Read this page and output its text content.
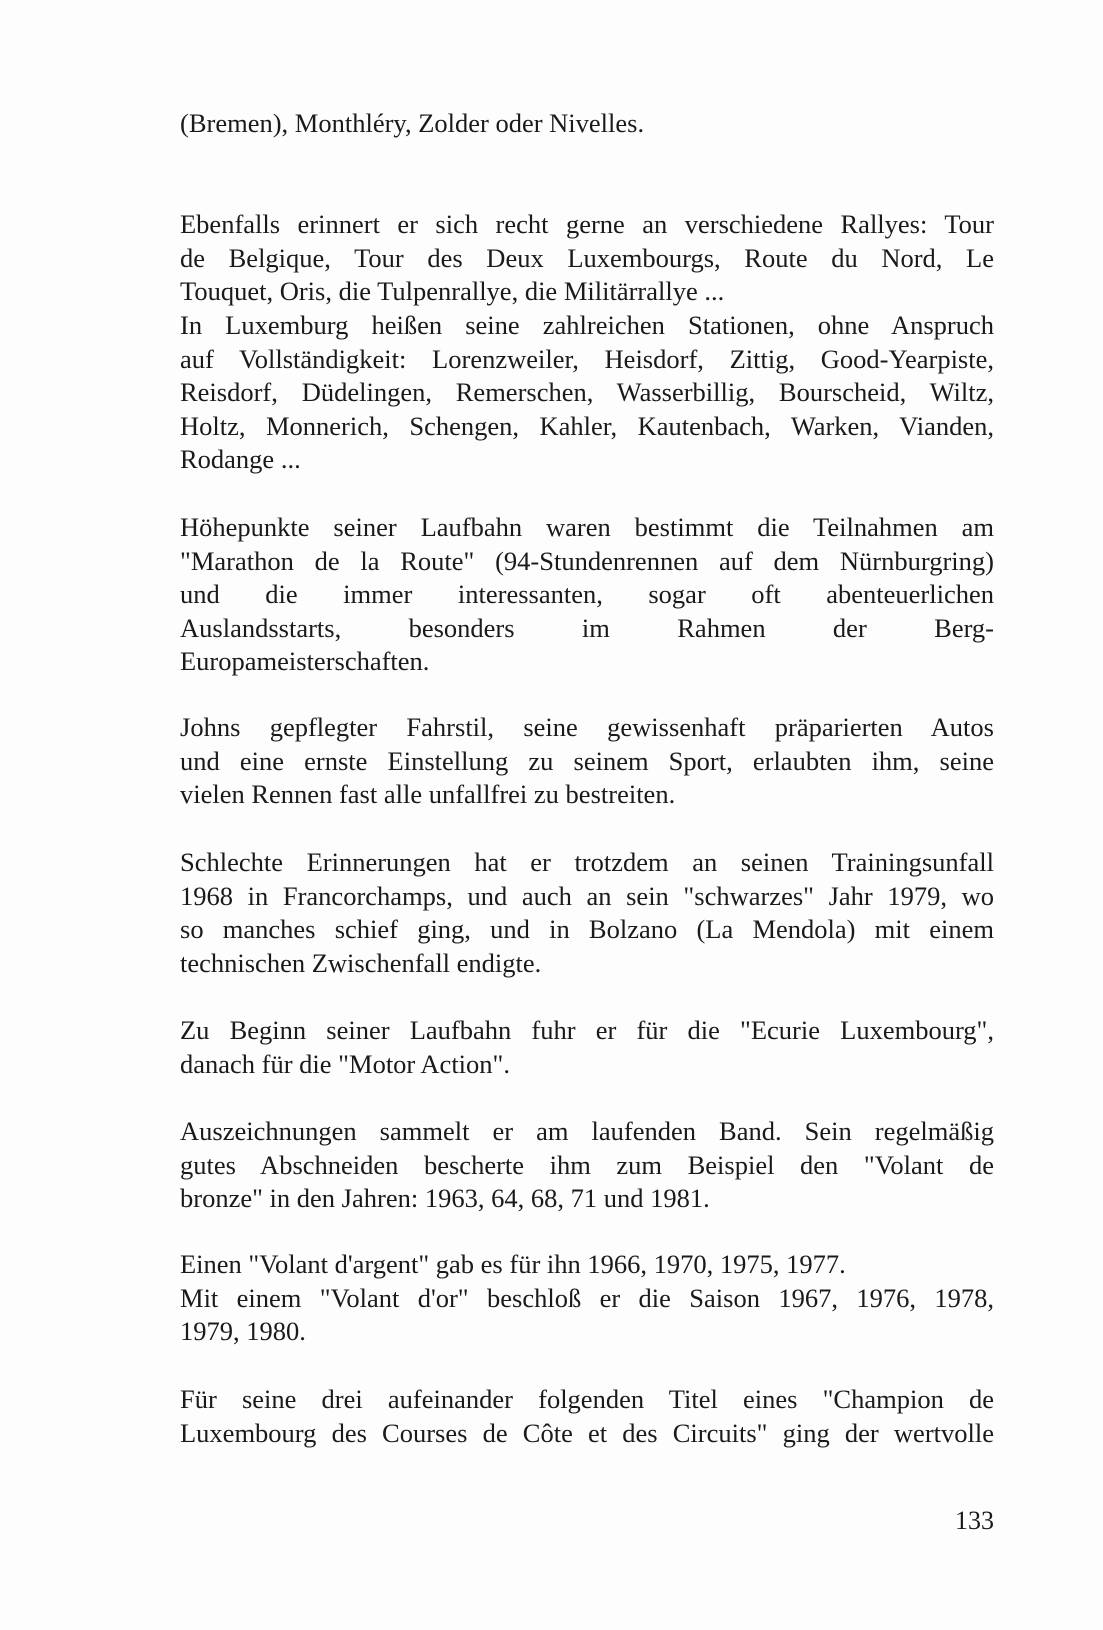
(Bremen), Monthléry, Zolder oder Nivelles.
Ebenfalls erinnert er sich recht gerne an verschiedene Rallyes: Tour
de Belgique, Tour des Deux Luxembourgs, Route du Nord, Le
Touquet, Oris, die Tulpenrallye, die Militärrallye ...
In Luxemburg heißen seine zahlreichen Stationen, ohne Anspruch
auf Vollständigkeit: Lorenzweiler, Heisdorf, Zittig, Good-Yearpiste,
Reisdorf, Düdelingen, Remerschen, Wasserbillig, Bourscheid, Wiltz,
Holtz, Monnerich, Schengen, Kahler, Kautenbach, Warken, Vianden,
Rodange ...
Höhepunkte seiner Laufbahn waren bestimmt die Teilnahmen am
"Marathon de la Route" (94-Stundenrennen auf dem Nürnburgring)
und die immer interessanten, sogar oft abenteuerlichen
Auslandsstarts, besonders im Rahmen der Berg-
Europameisterschaften.
Johns gepflegter Fahrstil, seine gewissenhaft präparierten Autos
und eine ernste Einstellung zu seinem Sport, erlaubten ihm, seine
vielen Rennen fast alle unfallfrei zu bestreiten.
Schlechte Erinnerungen hat er trotzdem an seinen Trainingsunfall
1968 in Francorchamps, und auch an sein "schwarzes" Jahr 1979, wo
so manches schief ging, und in Bolzano (La Mendola) mit einem
technischen Zwischenfall endigte.
Zu Beginn seiner Laufbahn fuhr er für die "Ecurie Luxembourg",
danach für die "Motor Action".
Auszeichnungen sammelt er am laufenden Band. Sein regelmäßig
gutes Abschneiden bescherte ihm zum Beispiel den "Volant de
bronze" in den Jahren: 1963, 64, 68, 71 und 1981.
Einen "Volant d'argent" gab es für ihn 1966, 1970, 1975, 1977.
Mit einem "Volant d'or" beschloß er die Saison 1967, 1976, 1978,
1979, 1980.
Für seine drei aufeinander folgenden Titel eines "Champion de
Luxembourg des Courses de Côte et des Circuits" ging der wertvolle
133
